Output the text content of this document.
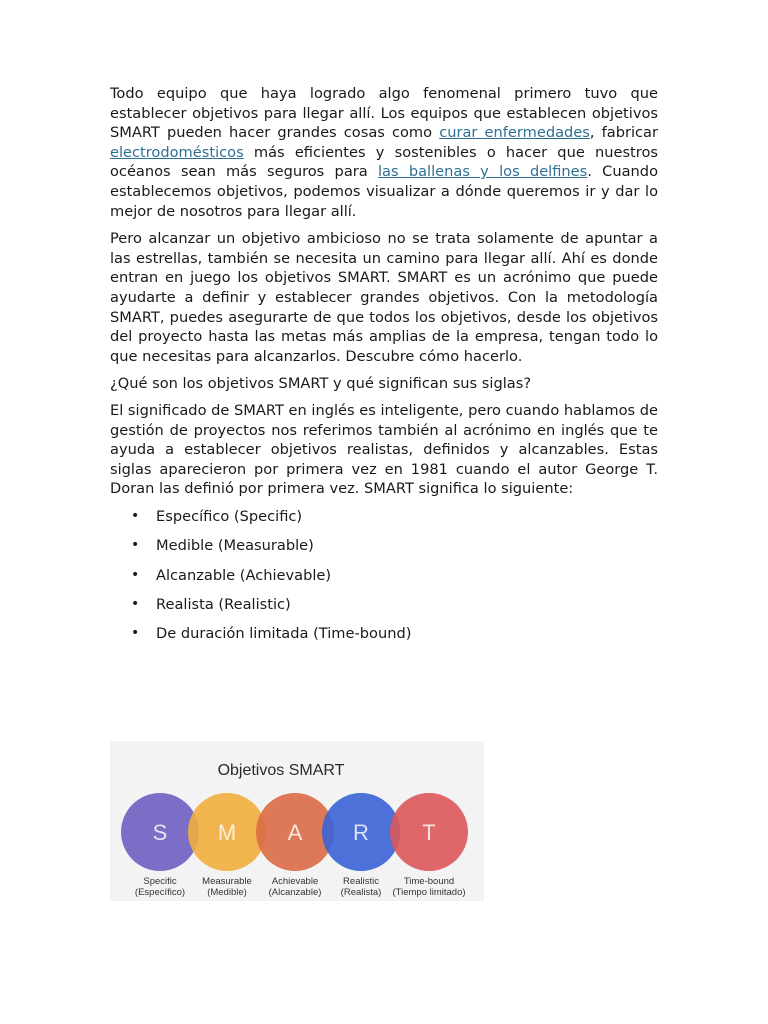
Todo equipo que haya logrado algo fenomenal primero tuvo que establecer objetivos para llegar allí. Los equipos que establecen objetivos SMART pueden hacer grandes cosas como curar enfermedades, fabricar electrodomésticos más eficientes y sostenibles o hacer que nuestros océanos sean más seguros para las ballenas y los delfines. Cuando establecemos objetivos, podemos visualizar a dónde queremos ir y dar lo mejor de nosotros para llegar allí.

Pero alcanzar un objetivo ambicioso no se trata solamente de apuntar a las estrellas, también se necesita un camino para llegar allí. Ahí es donde entran en juego los objetivos SMART. SMART es un acrónimo que puede ayudarte a definir y establecer grandes objetivos. Con la metodología SMART, puedes asegurarte de que todos los objetivos, desde los objetivos del proyecto hasta las metas más amplias de la empresa, tengan todo lo que necesitas para alcanzarlos. Descubre cómo hacerlo.

¿Qué son los objetivos SMART y qué significan sus siglas?

El significado de SMART en inglés es inteligente, pero cuando hablamos de gestión de proyectos nos referimos también al acrónimo en inglés que te ayuda a establecer objetivos realistas, definidos y alcanzables. Estas siglas aparecieron por primera vez en 1981 cuando el autor George T. Doran las definió por primera vez. SMART significa lo siguiente:

• Específico (Specific)
• Medible (Measurable)
• Alcanzable (Achievable)
• Realista (Realistic)
• De duración limitada (Time-bound)
Objetivos SMART
S
Specific
(Específico)
M
Measurable
(Medible)
A
Achievable
(Alcanzable)
R
Realistic
(Realista)
T
Time-bound
(Tiempo limitado)
